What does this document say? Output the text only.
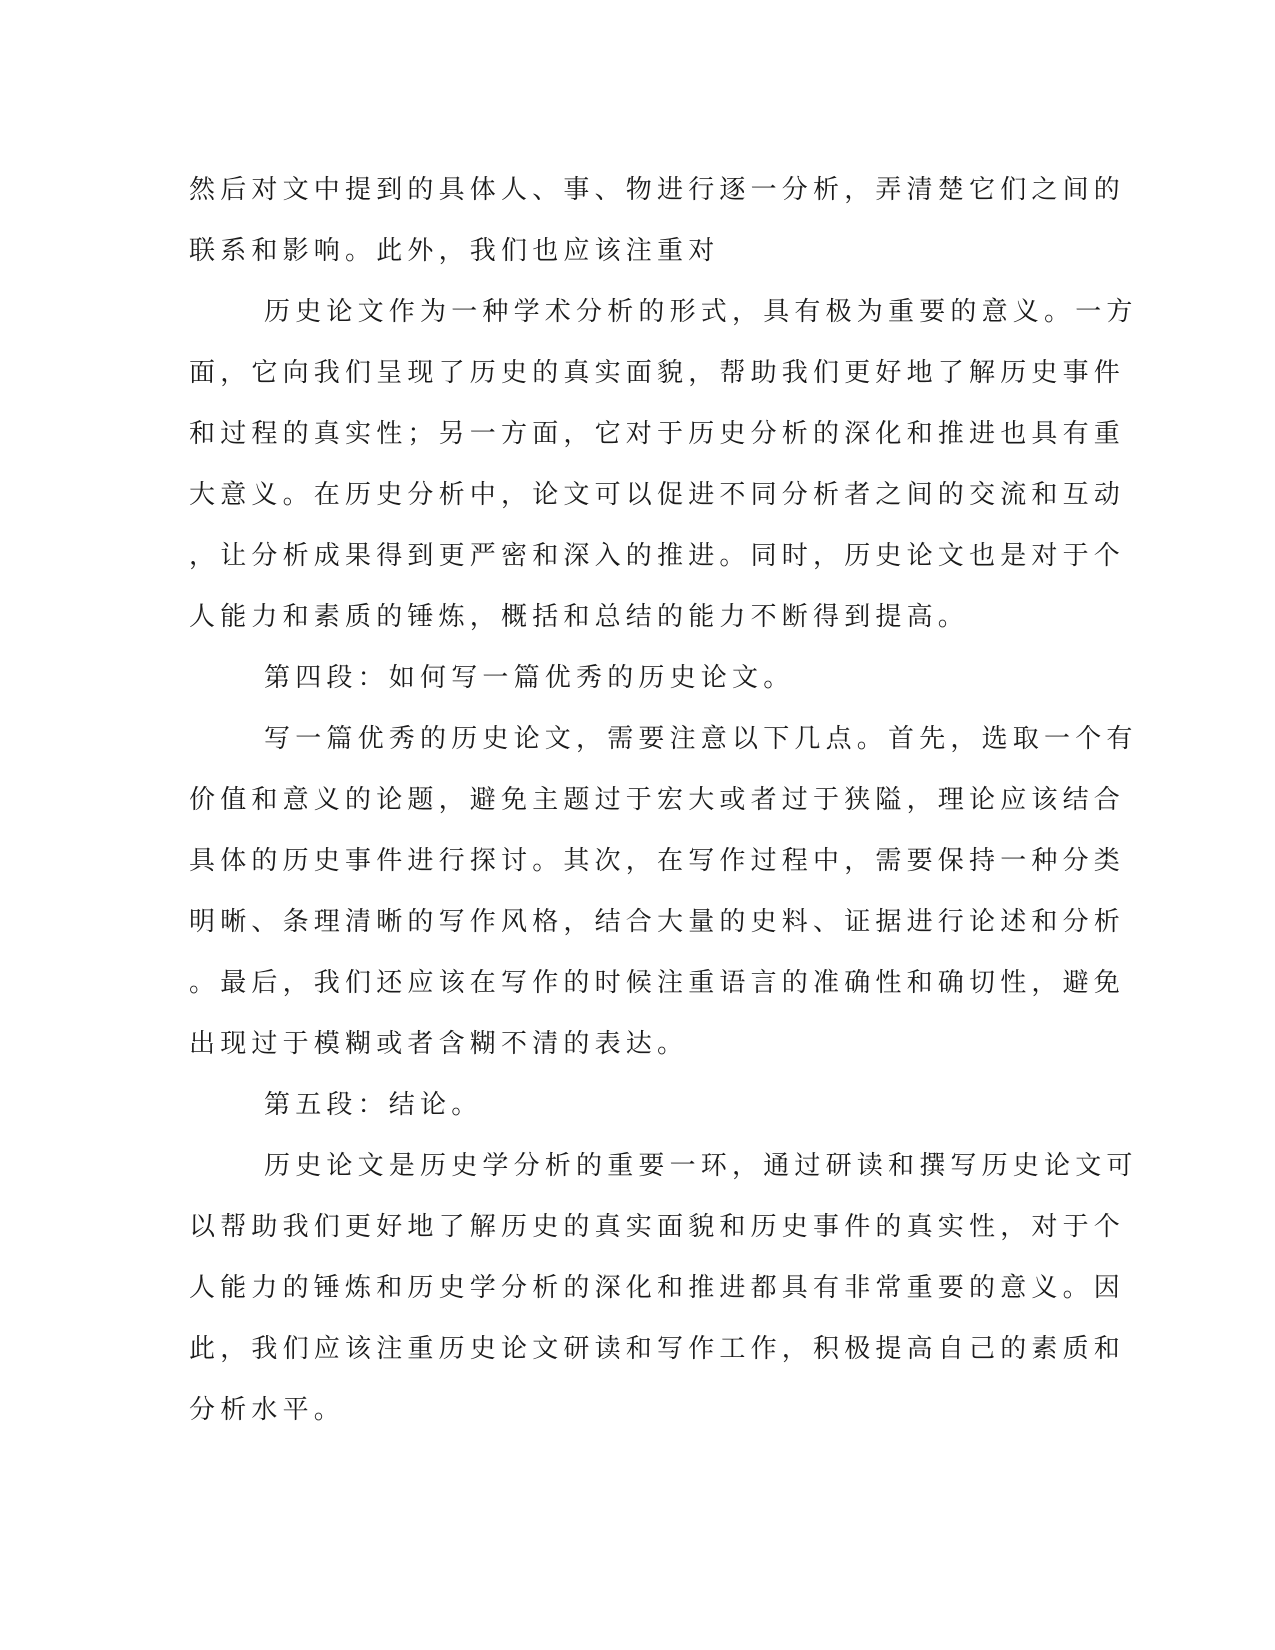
然后对文中提到的具体人、事、物进行逐一分析，弄清楚它们之间的
联系和影响。此外，我们也应该注重对

历史论文作为一种学术分析的形式，具有极为重要的意义。一方
面，它向我们呈现了历史的真实面貌，帮助我们更好地了解历史事件
和过程的真实性；另一方面，它对于历史分析的深化和推进也具有重
大意义。在历史分析中，论文可以促进不同分析者之间的交流和互动
，让分析成果得到更严密和深入的推进。同时，历史论文也是对于个
人能力和素质的锤炼，概括和总结的能力不断得到提高。

第四段：如何写一篇优秀的历史论文。

写一篇优秀的历史论文，需要注意以下几点。首先，选取一个有
价值和意义的论题，避免主题过于宏大或者过于狭隘，理论应该结合
具体的历史事件进行探讨。其次，在写作过程中，需要保持一种分类
明晰、条理清晰的写作风格，结合大量的史料、证据进行论述和分析
。最后，我们还应该在写作的时候注重语言的准确性和确切性，避免
出现过于模糊或者含糊不清的表达。

第五段：结论。

历史论文是历史学分析的重要一环，通过研读和撰写历史论文可
以帮助我们更好地了解历史的真实面貌和历史事件的真实性，对于个
人能力的锤炼和历史学分析的深化和推进都具有非常重要的意义。因
此，我们应该注重历史论文研读和写作工作，积极提高自己的素质和
分析水平。
